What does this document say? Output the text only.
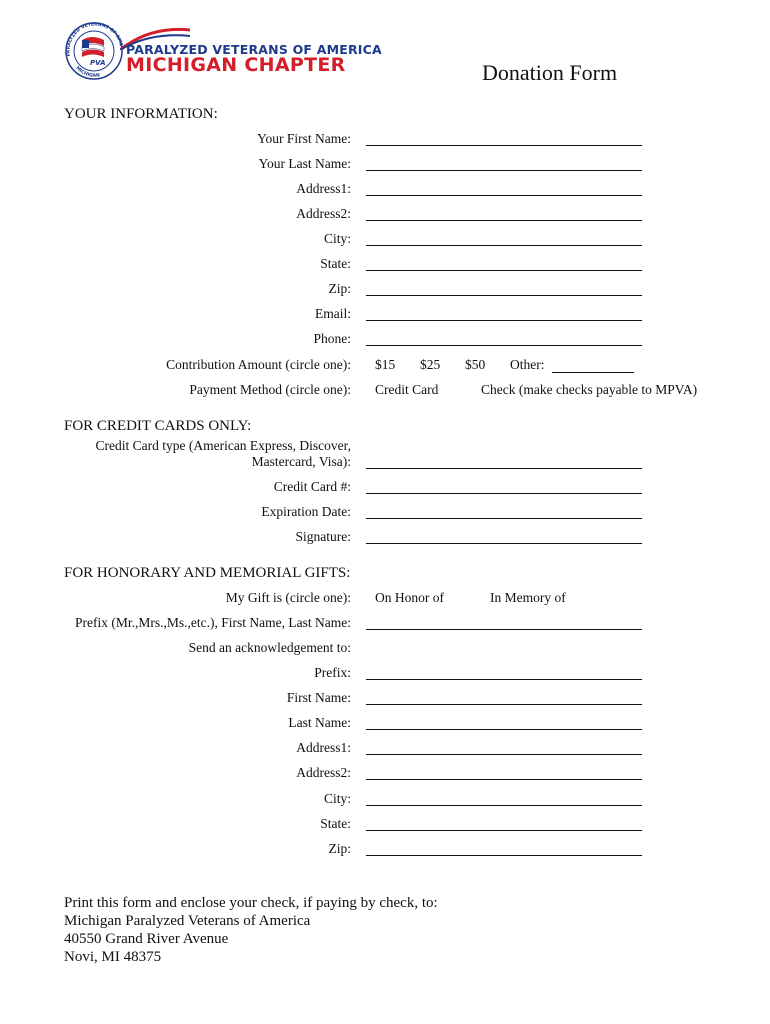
PVA
PARALYZED VETERANS OF AME
MICHIGAN
PARALYZED VETERANS OF AMERICA
MICHIGAN CHAPTER	Donation Form
YOUR INFORMATION:
Your First Name:
Your Last Name:
Address1:
Address2:
City:
State:
Zip:
Email:
Phone:
Contribution Amount (circle one): $15 $25 $50 Other:
Payment Method (circle one): Credit Card	Check (make checks payable to MPVA)
FOR CREDIT CARDS ONLY:
Credit Card type (American Express, Discover,
Mastercard, Visa):
Credit Card #:
Expiration Date:
Signature:
FOR HONORARY AND MEMORIAL GIFTS:
My Gift is (circle one): On Honor of	In Memory of
Prefix (Mr.,Mrs.,Ms.,etc.), First Name, Last Name:
Send an acknowledgement to:
Prefix:
First Name:
Last Name:
Address1:
Address2:
City:
State:
Zip:
Print this form and enclose your check, if paying by check, to:
Michigan Paralyzed Veterans of America
40550 Grand River Avenue
Novi, MI 48375
